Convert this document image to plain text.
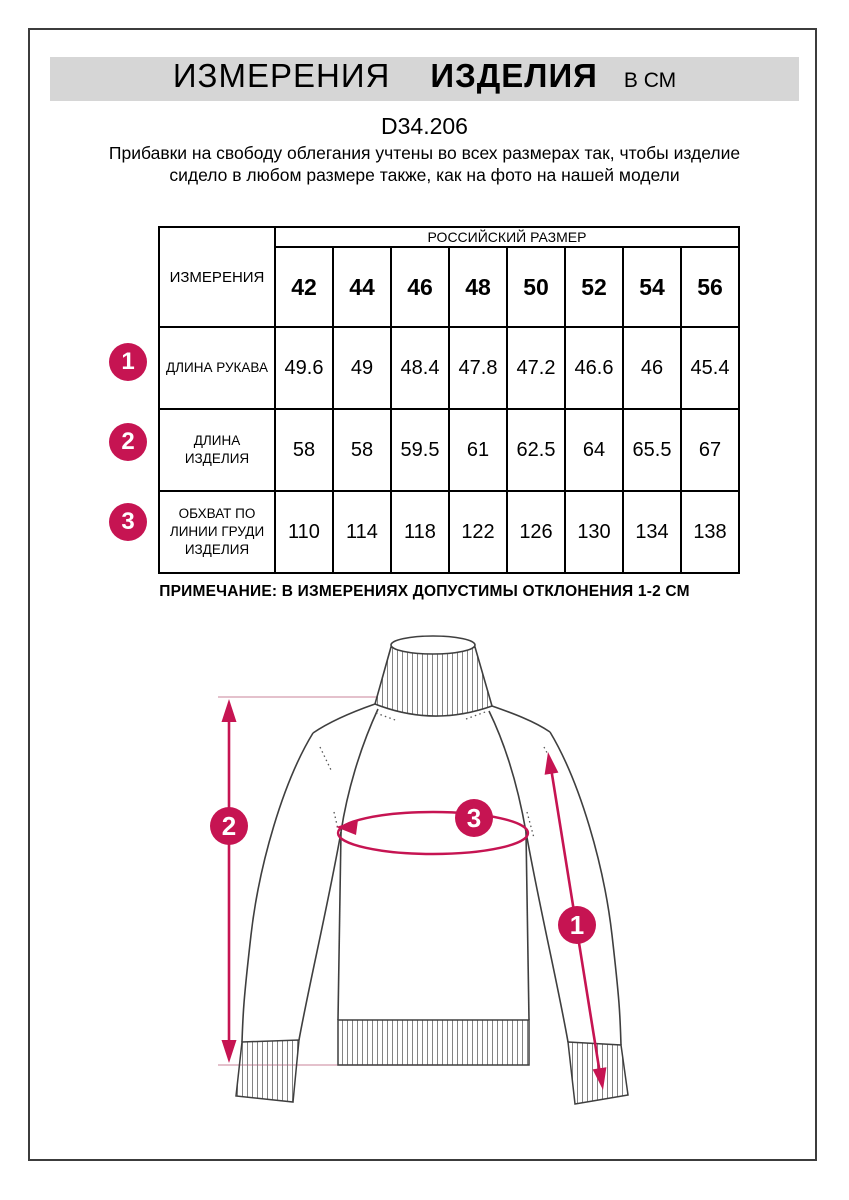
ИЗМЕРЕНИЯ ИЗДЕЛИЯ В СМ
D34.206
Прибавки на свободу облегания учтены во всех размерах так, чтобы изделие сидело в любом размере также, как на фото на нашей модели
ИЗМЕРЕНИЯ	РОССИЙСКИЙ РАЗМЕР							
	42	44	46	48	50	52	54	56
ДЛИНА РУКАВА	49.6	49	48.4	47.8	47.2	46.6	46	45.4
ДЛИНА ИЗДЕЛИЯ	58	58	59.5	61	62.5	64	65.5	67
ОБХВАТ ПО ЛИНИИ ГРУДИ ИЗДЕЛИЯ	110	114	118	122	126	130	134	138
1
2
3
ПРИМЕЧАНИЕ: В ИЗМЕРЕНИЯХ ДОПУСТИМЫ ОТКЛОНЕНИЯ 1-2 СМ
2	3
1
